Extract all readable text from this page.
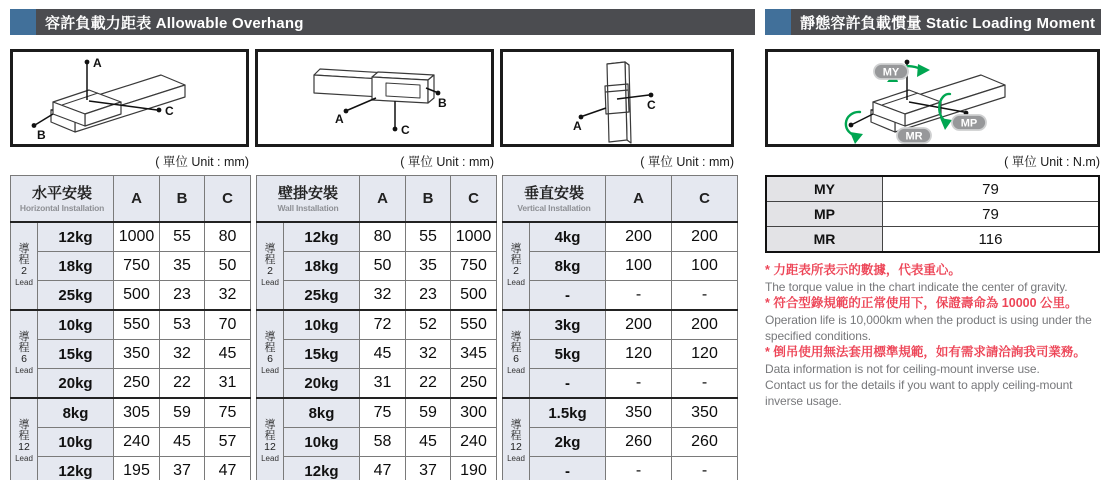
容許負載力距表 Allowable Overhang
A
B
C
A
B
C	A
C
( 單位 Unit : mm)	( 單位 Unit : mm)	( 單位 Unit : mm)
水平安裝
Horizontal Installation		A	B	C

導
程
2
Lead	12kg	1000	55	80
	18kg	750	35	50
	25kg	500	23	32

導
程
6
Lead	10kg	550	53	70
	15kg	350	32	45
	20kg	250	22	31

導
程
12
Lead	8kg	305	59	75
	10kg	240	45	57
	12kg	195	37	47
壁掛安裝
Wall Installation		A	B	C

導
程
2
Lead	12kg	80	55	1000
	18kg	50	35	750
	25kg	32	23	500

導
程
6
Lead	10kg	72	52	550
	15kg	45	32	345
	20kg	31	22	250

導
程
12
Lead	8kg	75	59	300
	10kg	58	45	240
	12kg	47	37	190
垂直安裝
Vertical Installation		A	C

導
程
2
Lead	4kg	200	200
	8kg	100	100
	-	-	-

導
程
6
Lead	3kg	200	200
	5kg	120	120
	-	-	-

導
程
12
Lead	1.5kg	350	350
	2kg	260	260
	-	-	-
靜態容許負載慣量 Static Loading Moment
MY
MP
MR
( 單位 Unit : N.m)
MY	79
MP	79
MR	116
* 力距表所表示的數據，代表重心。
The torque value in the chart indicate the center of gravity.
* 符合型錄規範的正常使用下，保證壽命為 10000 公里。
Operation life is 10,000km when the product is using under the specified conditions.
* 倒吊使用無法套用標準規範，如有需求請洽詢我司業務。
Data information is not for ceiling-mount inverse use.
Contact us for the details if you want to apply ceiling-mount inverse usage.
